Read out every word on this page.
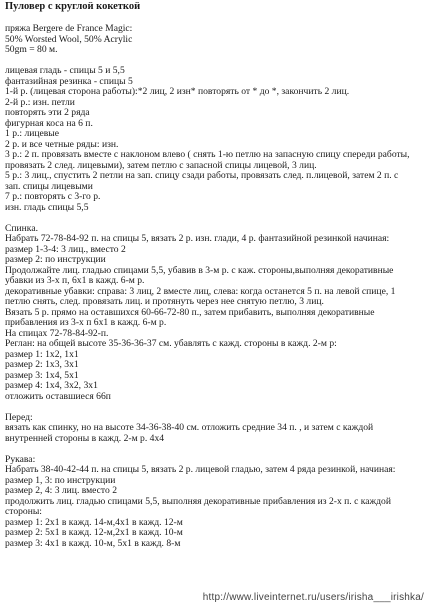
Пуловер с круглой кокеткой
пряжа Bergere de France Magic:
50% Worsted Wool, 50% Acrylic
50gm = 80 м.
лицевая гладь - спицы 5 и 5,5
фантазийная резинка - спицы 5
1-й р. (лицевая сторона работы):*2 лиц, 2 изн* повторять от * до *, закончить 2 лиц.
2-й р.: изн. петли
повторять эти 2 ряда
фигурная коса на 6 п.
1 р.: лицевые
2 р. и все четные ряды: изн.
3 р.: 2 п. провязать вместе с наклоном влево ( снять 1-ю петлю на запасную спицу спереди работы,
провязать 2 след. лицевыми), затем петлю с запасной спицы лицевой, 3 лиц.
5 р.: 3 лиц., спустить 2 петли на зап. спицу сзади работы, провязать след. п.лицевой, затем 2 п. с
зап. спицы лицевыми
7 р.: повторять с 3-го р.
изн. гладь спицы 5,5
Спинка.
Набрать 72-78-84-92 п. на спицы 5, вязать 2 р. изн. глади, 4 р. фантазийной резинкой начиная:
размер 1-3-4: 3 лиц., вместо 2
размер 2: по инструкции
Продолжайте лиц. гладью спицами 5,5, убавив в 3-м р. с каж. стороны,выполняя декоративные
убавки из 3-х п, 6х1 в кажд. 6-м р.
декоративные убавки: справа: 3 лиц, 2 вместе лиц, слева: когда останется 5 п. на левой спице, 1
петлю снять, след. провязать лиц. и протянуть через нее снятую петлю, 3 лиц.
Вязать 5 р. прямо на оставшихся 60-66-72-80 п., затем прибавить, выполняя декоративные
прибавления из 3-х п 6х1 в кажд. 6-м р.
На спицах 72-78-84-92-п.
Реглан: на общей высоте 35-36-36-37 см. убавлять с кажд. стороны в кажд. 2-м р:
размер 1: 1х2, 1х1
размер 2: 1х3, 3х1
размер 3: 1х4, 5х1
размер 4: 1х4, 3х2, 3х1
отложить оставшиеся 66п
Перед:
вязать как спинку, но на высоте 34-36-38-40 см. отложить средние 34 п. , и затем с каждой
внутренней стороны в кажд. 2-м р. 4х4
Рукава:
Набрать 38-40-42-44 п. на спицы 5, вязать 2 р. лицевой гладью, затем 4 ряда резинкой, начиная:
размер 1, 3: по инструкции
размер 2, 4: 3 лиц. вместо 2
продолжить лиц. гладью спицами 5,5, выполняя декоративные прибавления из 2-х п. с каждой
стороны:
размер 1: 2х1 в кажд. 14-м,4х1 в кажд. 12-м
размер 2: 5х1 в кажд. 12-м,2х1 в кажд. 10-м
размер 3: 4х1 в кажд. 10-м, 5х1 в кажд. 8-м
http://www.liveinternet.ru/users/irisha___irishka/
